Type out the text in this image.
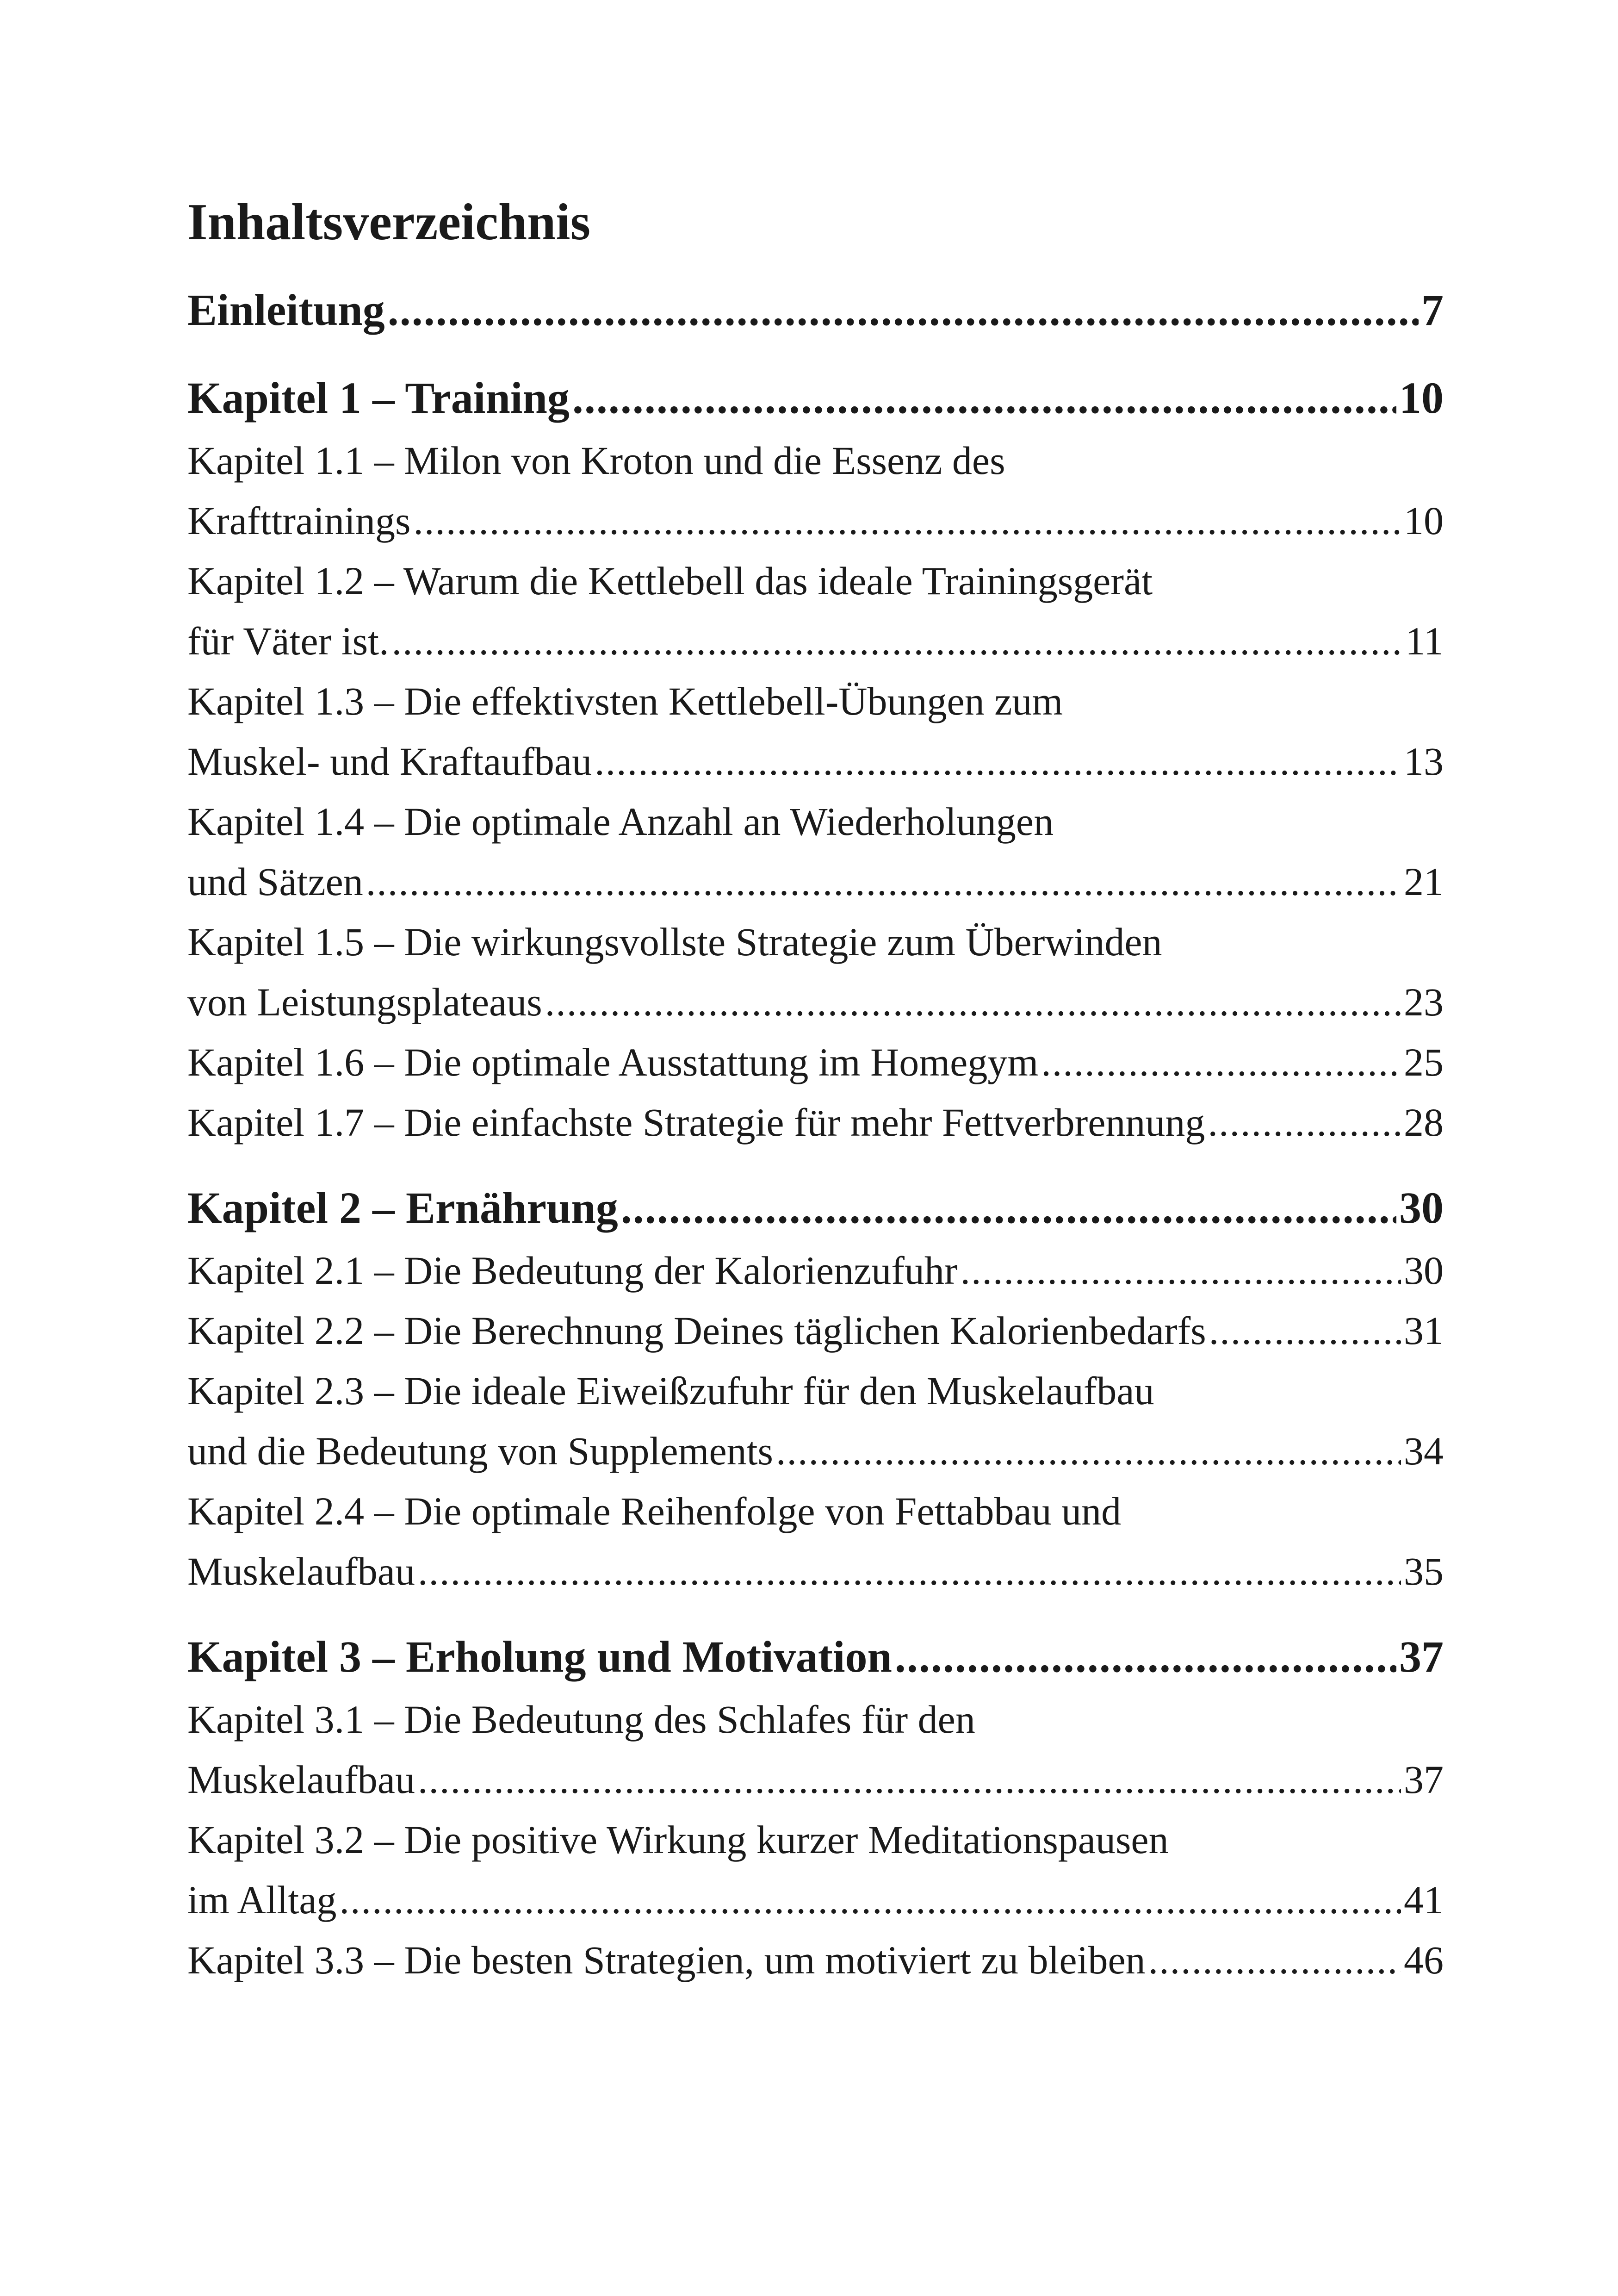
Inhaltsverzeichnis
Einleitung .....	7
Kapitel 1 – Training .....	10
Kapitel 1.1 – Milon von Kroton und die Essenz des
Krafttrainings .....	10
Kapitel 1.2 – Warum die Kettlebell das ideale Trainingsgerät
für Väter ist. .....	11
Kapitel 1.3 – Die effektivsten Kettlebell-Übungen zum
Muskel- und Kraftaufbau .....	13
Kapitel 1.4 – Die optimale Anzahl an Wiederholungen
und Sätzen .....	21
Kapitel 1.5 – Die wirkungsvollste Strategie zum Überwinden
von Leistungsplateaus .....	23
Kapitel 1.6 – Die optimale Ausstattung im Homegym .....	25
Kapitel 1.7 – Die einfachste Strategie für mehr Fettverbrennung .....	28
Kapitel 2 – Ernährung .....	30
Kapitel 2.1 – Die Bedeutung der Kalorienzufuhr .....	30
Kapitel 2.2 – Die Berechnung Deines täglichen Kalorienbedarfs .....	31
Kapitel 2.3 – Die ideale Eiweißzufuhr für den Muskelaufbau
und die Bedeutung von Supplements .....	34
Kapitel 2.4 – Die optimale Reihenfolge von Fettabbau und
Muskelaufbau .....	35
Kapitel 3 – Erholung und Motivation .....	37
Kapitel 3.1 – Die Bedeutung des Schlafes für den
Muskelaufbau .....	37
Kapitel 3.2 – Die positive Wirkung kurzer Meditationspausen
im Alltag .....	41
Kapitel 3.3 – Die besten Strategien, um motiviert zu bleiben .....	46
